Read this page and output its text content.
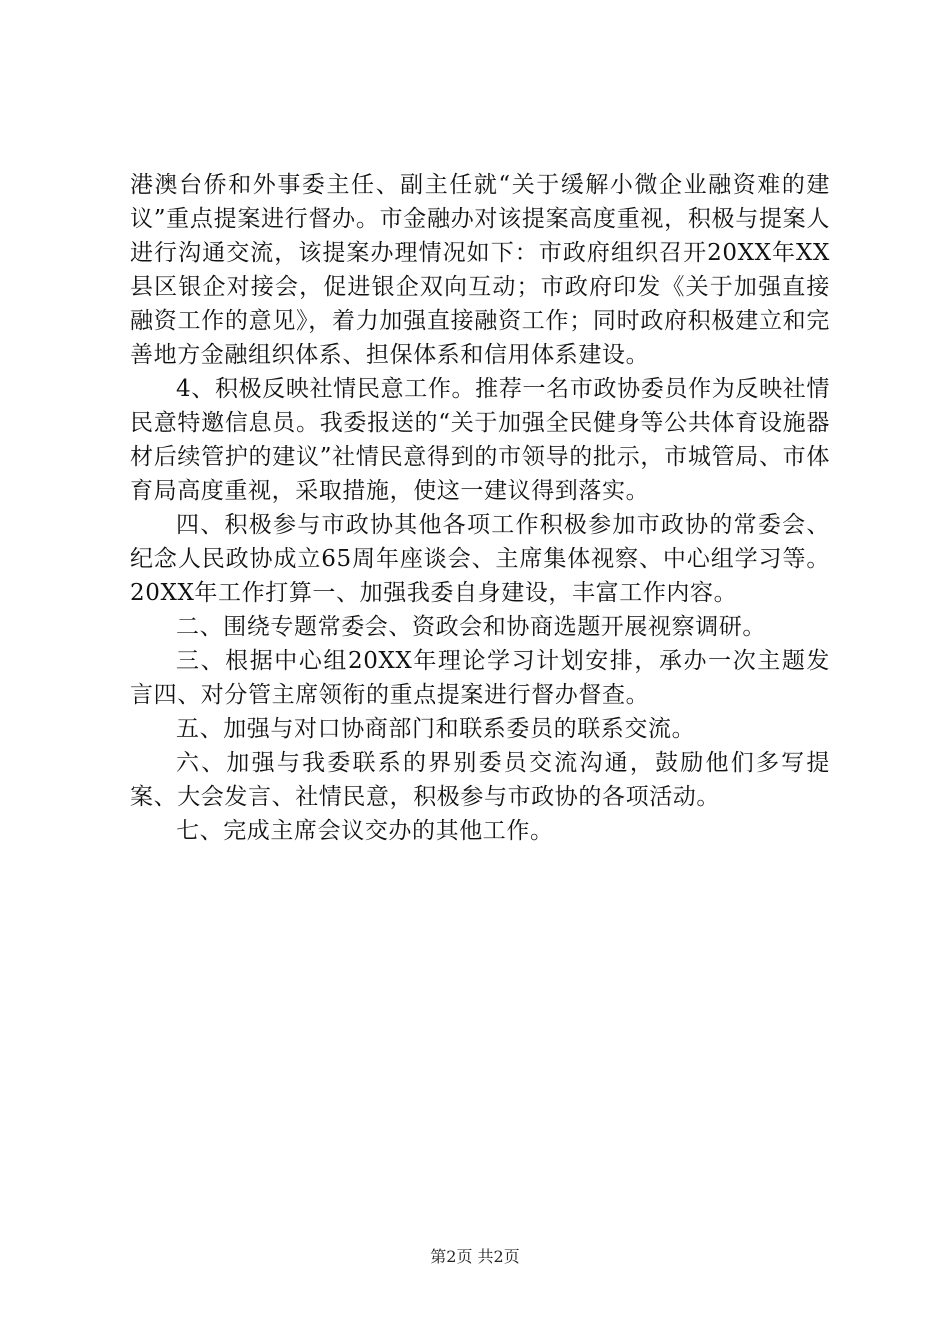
港澳台侨和外事委主任、副主任就“关于缓解小微企业融资难的建议”重点提案进行督办。市金融办对该提案高度重视，积极与提案人进行沟通交流，该提案办理情况如下：市政府组织召开20XX年XX县区银企对接会，促进银企双向互动；市政府印发《关于加强直接融资工作的意见》，着力加强直接融资工作；同时政府积极建立和完善地方金融组织体系、担保体系和信用体系建设。

4、积极反映社情民意工作。推荐一名市政协委员作为反映社情民意特邀信息员。我委报送的“关于加强全民健身等公共体育设施器材后续管护的建议”社情民意得到的市领导的批示，市城管局、市体育局高度重视，采取措施，使这一建议得到落实。

四、积极参与市政协其他各项工作积极参加市政协的常委会、纪念人民政协成立65周年座谈会、主席集体视察、中心组学习等。20XX年工作打算一、加强我委自身建设，丰富工作内容。

二、围绕专题常委会、资政会和协商选题开展视察调研。

三、根据中心组20XX年理论学习计划安排，承办一次主题发言四、对分管主席领衔的重点提案进行督办督查。

五、加强与对口协商部门和联系委员的联系交流。

六、加强与我委联系的界别委员交流沟通，鼓励他们多写提案、大会发言、社情民意，积极参与市政协的各项活动。

七、完成主席会议交办的其他工作。

第2页 共2页
